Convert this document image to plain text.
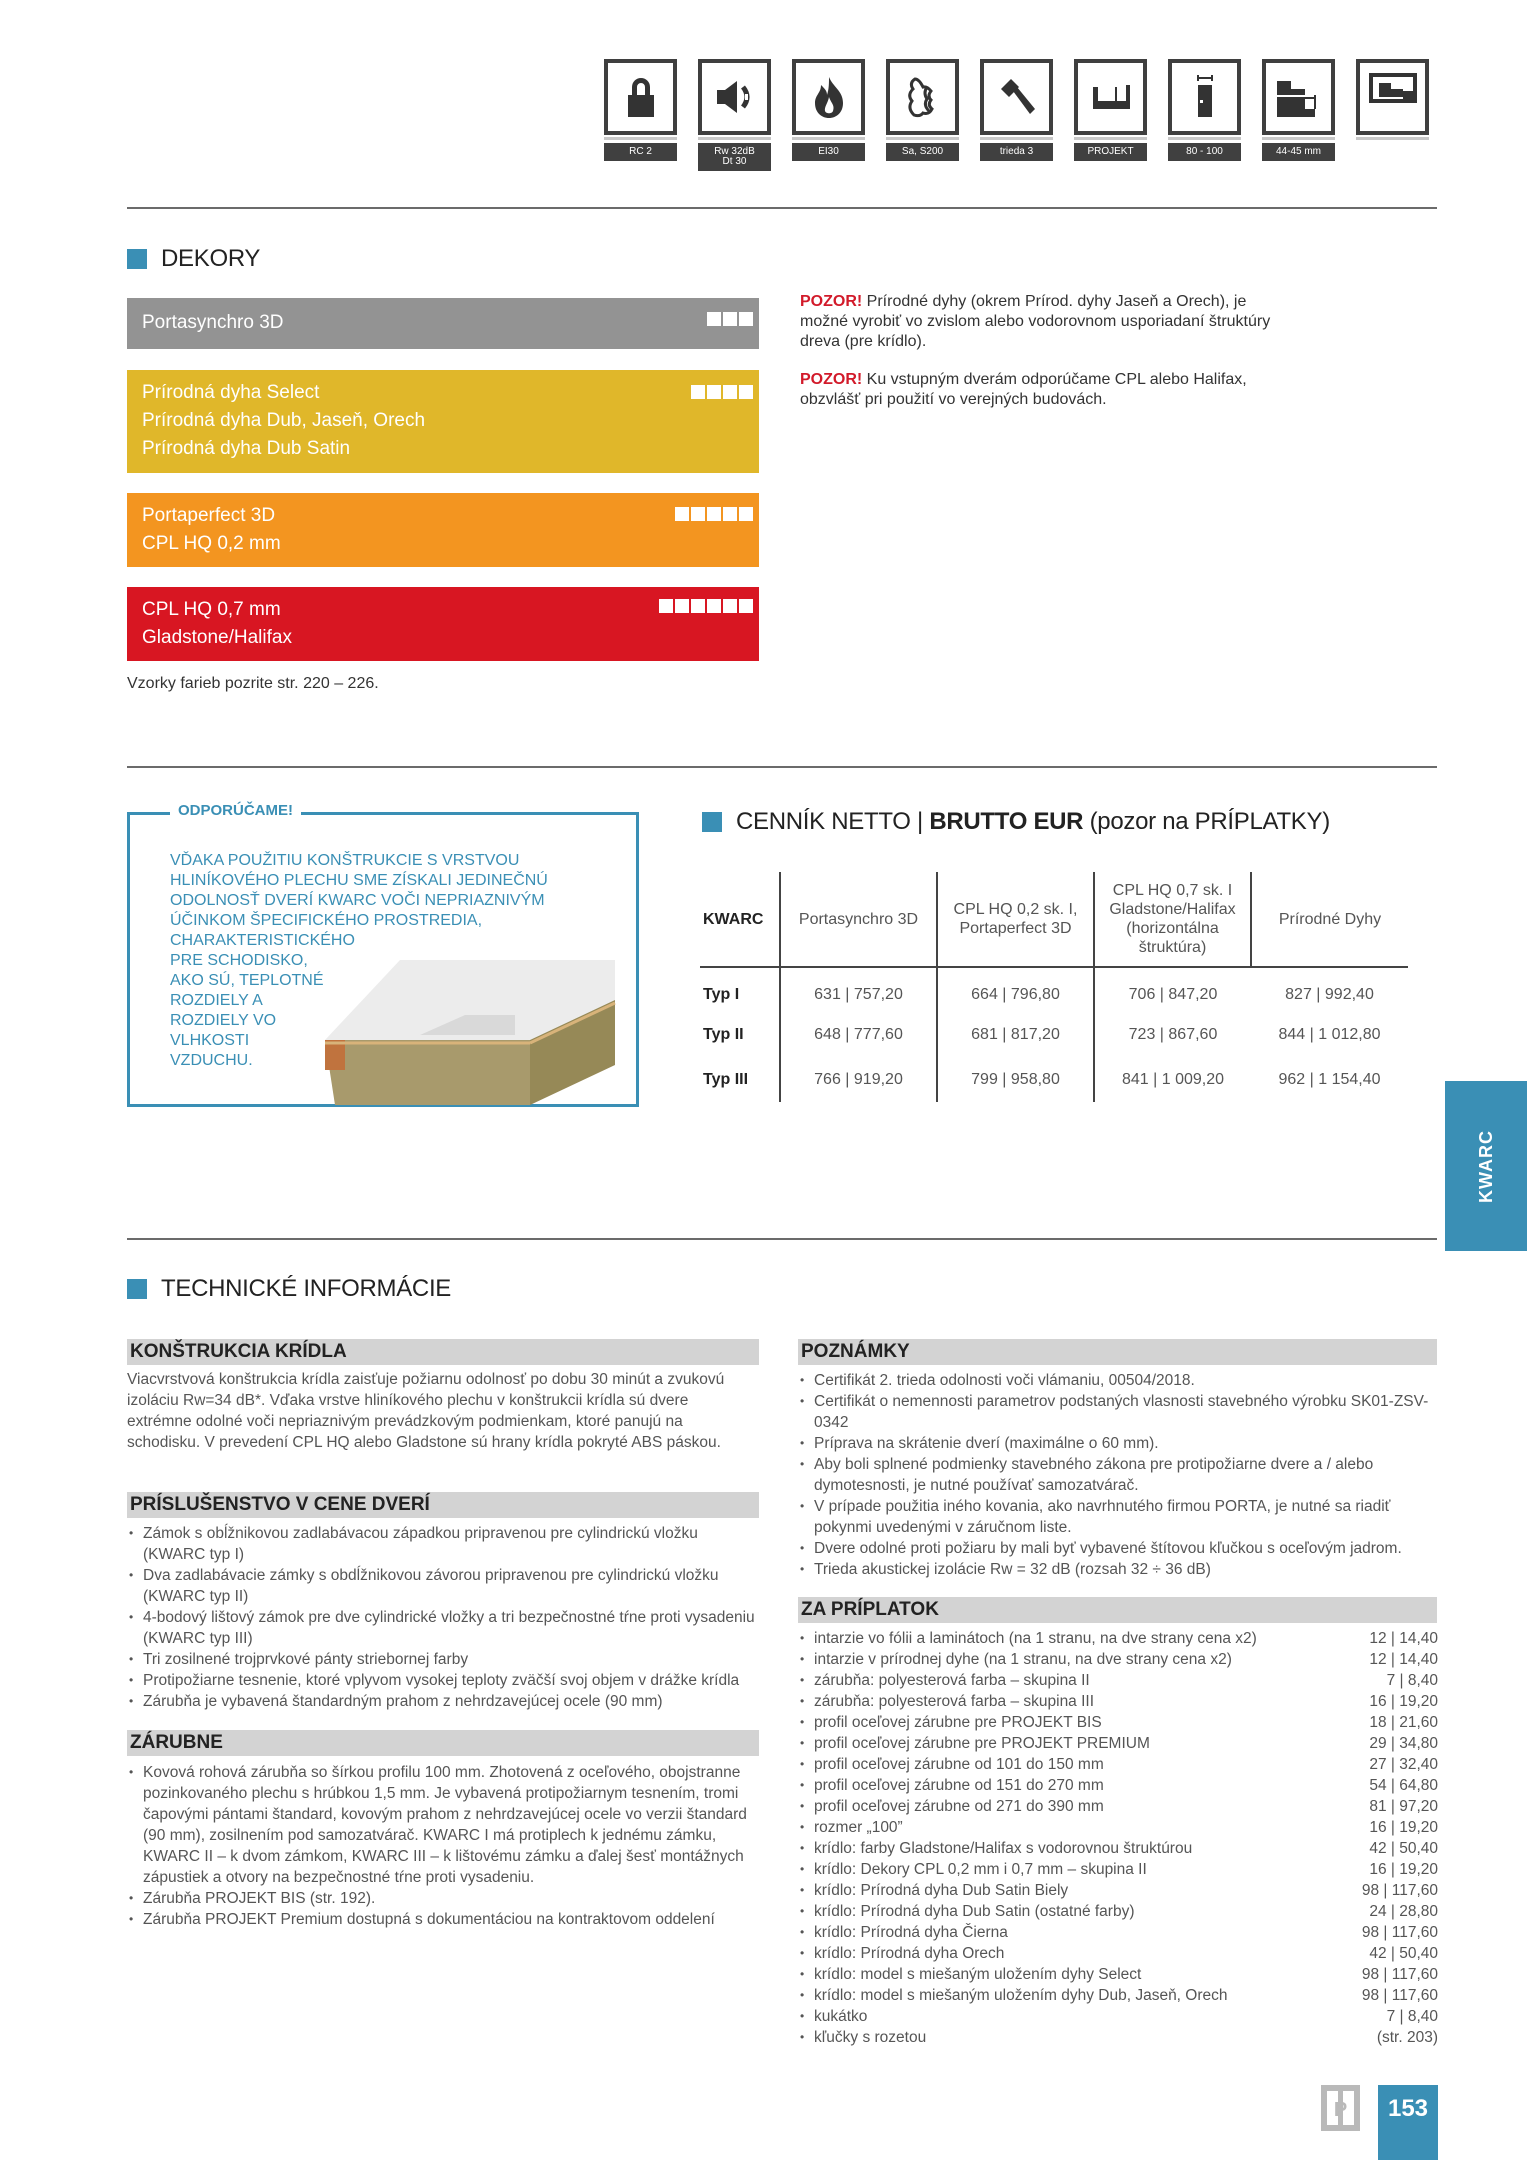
RC 2	Rw 32dB
Dt 30
EI30	Sa, S200	trieda 3	PROJEKT	80 - 100	44-45 mm
DEKORY
Portasynchro 3D
Prírodná dyha Select
Prírodná dyha Dub, Jaseň, Orech
Prírodná dyha Dub Satin
Portaperfect 3D
CPL HQ 0,2 mm
CPL HQ 0,7 mm
Gladstone/Halifax
Vzorky farieb pozrite str. 220 – 226.
POZOR! Prírodné dyhy (okrem Prírod. dyhy Jaseň a Orech), je možné vyrobiť vo zvislom alebo vodorovnom usporiadaní štruktúry dreva (pre krídlo).
POZOR! Ku vstupným dverám odporúčame CPL alebo Halifax, obzvlášť pri použití vo verejných budovách.
ODPORÚČAME!
VĎAKA POUŽITIU KONŠTRUKCIE S VRSTVOU
HLINÍKOVÉHO PLECHU SME ZÍSKALI JEDINEČNÚ
ODOLNOSŤ DVERÍ KWARC VOČI NEPRIAZNIVÝM
ÚČINKOM ŠPECIFICKÉHO PROSTREDIA,
CHARAKTERISTICKÉHO
PRE SCHODISKO,
AKO SÚ, TEPLOTNÉ
ROZDIELY A
ROZDIELY VO
VLHKOSTI
VZDUCHU.
CENNÍK NETTO | BRUTTO EUR (pozor na PRÍPLATKY)
KWARC	Portasynchro 3D	CPL HQ 0,2 sk. I, Portaperfect 3D	CPL HQ 0,7 sk. I Gladstone/Halifax (horizontálna štruktúra)	Prírodné Dyhy
Typ I	631 | 757,20	664 | 796,80	706 | 847,20	827 | 992,40
Typ II	648 | 777,60	681 | 817,20	723 | 867,60	844 | 1 012,80
Typ III	766 | 919,20	799 | 958,80	841 | 1 009,20	962 | 1 154,40
KWARC
TECHNICKÉ INFORMÁCIE
KONŠTRUKCIA KRÍDLA
Viacvrstvová konštrukcia krídla zaisťuje požiarnu odolnosť po dobu 30 minút a zvukovú izoláciu Rw=34 dB*. Vďaka vrstve hliníkového plechu v konštrukcii krídla sú dvere extrémne odolné voči nepriaznivým prevádzkovým podmienkam, ktoré panujú na schodisku. V prevedení CPL HQ alebo Gladstone sú hrany krídla pokryté ABS páskou.
PRÍSLUŠENSTVO V CENE DVERÍ
• Zámok s obĺžnikovou zadlabávacou západkou pripravenou pre cylindrickú vložku (KWARC typ I)
• Dva zadlabávacie zámky s obdĺžnikovou závorou pripravenou pre cylindrickú vložku (KWARC typ II)
• 4-bodový lištový zámok pre dve cylindrické vložky a tri bezpečnostné tŕne proti vysadeniu (KWARC typ III)
• Tri zosilnené trojprvkové pánty striebornej farby
• Protipožiarne tesnenie, ktoré vplyvom vysokej teploty zväčší svoj objem v drážke krídla
• Zárubňa je vybavená štandardným prahom z nehrdzavejúcej ocele (90 mm)
ZÁRUBNE
• Kovová rohová zárubňa so šírkou profilu 100 mm. Zhotovená z oceľového, obojstranne pozinkovaného plechu s hrúbkou 1,5 mm. Je vybavená protipožiarnym tesnením, tromi čapovými pántami štandard, kovovým prahom z nehrdzavejúcej ocele vo verzii štandard (90 mm), zosilnením pod samozatvárač. KWARC I má protiplech k jednému zámku, KWARC II – k dvom zámkom, KWARC III – k lištovému zámku a ďalej šesť montážnych zápustiek a otvory na bezpečnostné tŕne proti vysadeniu.
• Zárubňa PROJEKT BIS (str. 192).
• Zárubňa PROJEKT Premium dostupná s dokumentáciou na kontraktovom oddelení
POZNÁMKY
• Certifikát 2. trieda odolnosti voči vlámaniu, 00504/2018.
• Certifikát o nemennosti parametrov podstaných vlasnosti stavebného výrobku SK01-ZSV-0342
• Príprava na skrátenie dverí (maximálne o 60 mm).
• Aby boli splnené podmienky stavebného zákona pre protipožiarne dvere a / alebo dymotesnosti, je nutné používať samozatvárač.
• V prípade použitia iného kovania, ako navrhnutého firmou PORTA, je nutné sa riadiť pokynmi uvedenými v záručnom liste.
• Dvere odolné proti požiaru by mali byť vybavené štítovou kľučkou s oceľovým jadrom.
• Trieda akustickej izolácie Rw = 32 dB (rozsah 32 ÷ 36 dB)
ZA PRÍPLATOK
• intarzie vo fólii a laminátoch (na 1 stranu, na dve strany cena x2)	12 | 14,40
• intarzie v prírodnej dyhe (na 1 stranu, na dve strany cena x2)	12 | 14,40
• zárubňa: polyesterová farba – skupina II	7 | 8,40
• zárubňa: polyesterová farba – skupina III	16 | 19,20
• profil oceľovej zárubne pre PROJEKT BIS	18 | 21,60
• profil oceľovej zárubne pre PROJEKT PREMIUM	29 | 34,80
• profil oceľovej zárubne od 101 do 150 mm	27 | 32,40
• profil oceľovej zárubne od 151 do 270 mm	54 | 64,80
• profil oceľovej zárubne od 271 do 390 mm	81 | 97,20
• rozmer „100”	16 | 19,20
• krídlo: farby Gladstone/Halifax s vodorovnou štruktúrou	42 | 50,40
• krídlo: Dekory CPL 0,2 mm i 0,7 mm – skupina II	16 | 19,20
• krídlo: Prírodná dyha Dub Satin Biely	98 | 117,60
• krídlo: Prírodná dyha Dub Satin (ostatné farby)	24 | 28,80
• krídlo: Prírodná dyha Čierna	98 | 117,60
• krídlo: Prírodná dyha Orech	42 | 50,40
• krídlo: model s miešaným uložením dyhy Select	98 | 117,60
• krídlo: model s miešaným uložením dyhy Dub, Jaseň, Orech	98 | 117,60
• kukátko	7 | 8,40
• kľučky s rozetou	(str. 203)
P	153
